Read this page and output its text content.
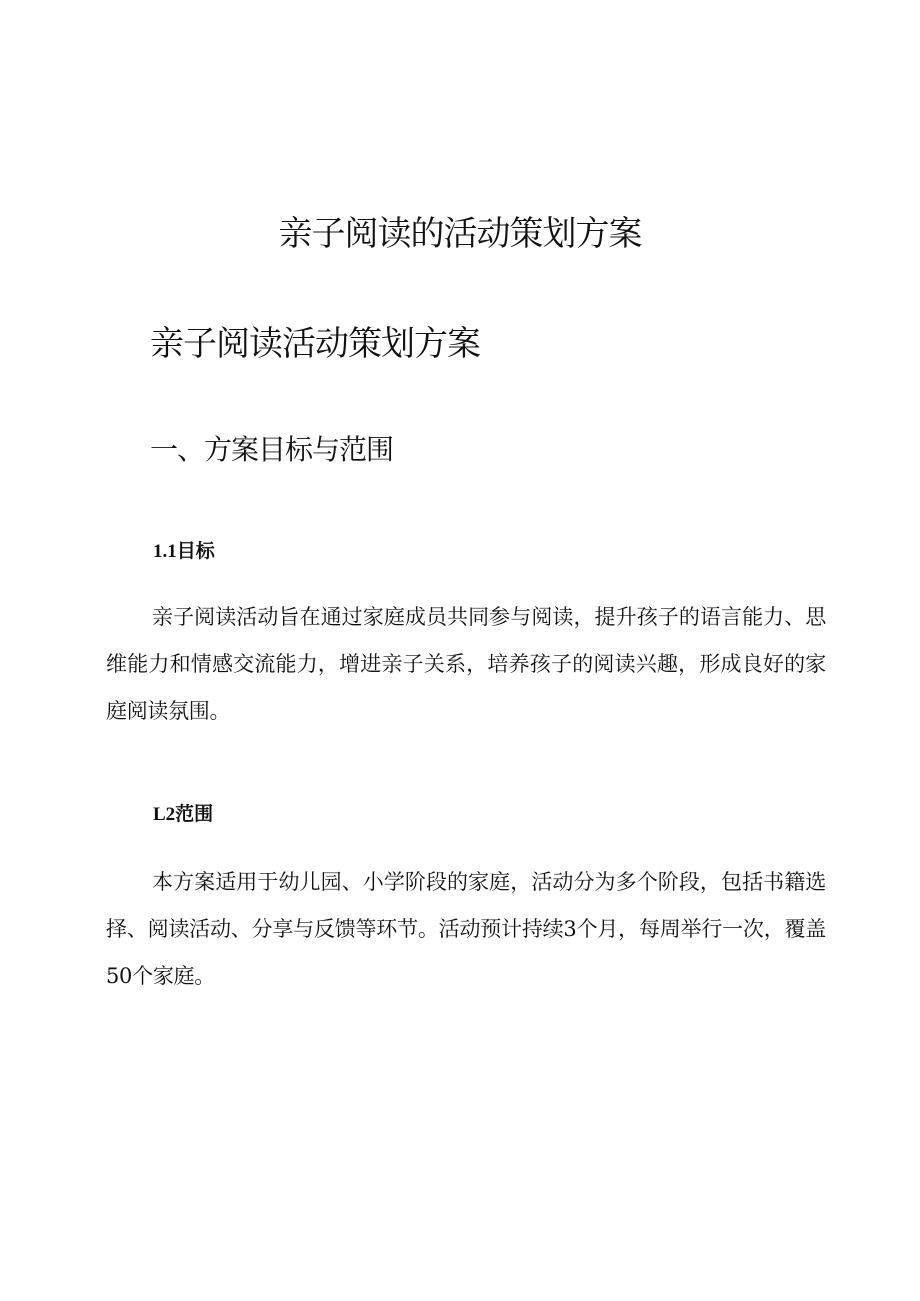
亲子阅读的活动策划方案
亲子阅读活动策划方案
一、方案目标与范围
1.1目标

亲子阅读活动旨在通过家庭成员共同参与阅读，提升孩子的语言能力、思维能力和情感交流能力，增进亲子关系，培养孩子的阅读兴趣，形成良好的家庭阅读氛围。

L2范围

本方案适用于幼儿园、小学阶段的家庭，活动分为多个阶段，包括书籍选择、阅读活动、分享与反馈等环节。活动预计持续3个月，每周举行一次，覆盖50个家庭。
